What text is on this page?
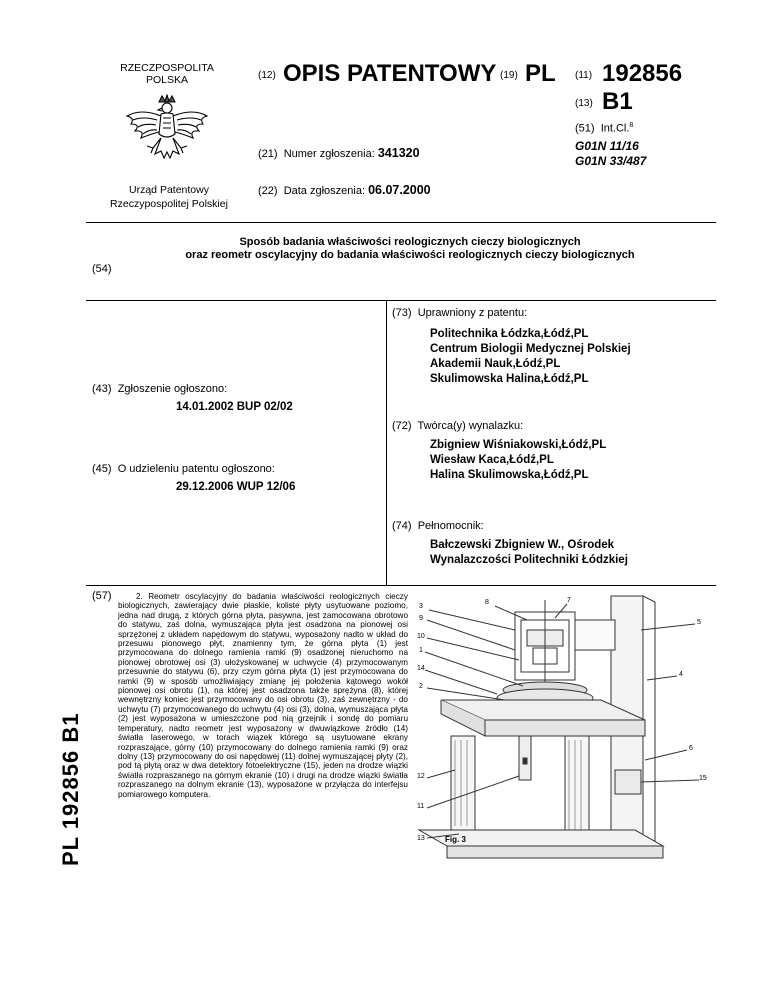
RZECZPOSPOLITA
POLSKA
Urząd Patentowy
Rzeczypospolitej Polskiej
(12) OPIS PATENTOWY (19) PL (11) 192856
(13) B1
(21) Numer zgłoszenia: 341320
(51) Int.Cl.$^8$
G01N 11/16
G01N 33/487
(22) Data zgłoszenia: 06.07.2000
(54)
Sposób badania właściwości reologicznych cieczy biologicznych
oraz reometr oscylacyjny do badania właściwości reologicznych cieczy biologicznych
(43) Zgłoszenie ogłoszono:
14.01.2002 BUP 02/02
(45) O udzieleniu patentu ogłoszono:
29.12.2006 WUP 12/06
(73) Uprawniony z patentu:
Politechnika Łódzka,Łódź,PL
Centrum Biologii Medycznej Polskiej
Akademii Nauk,Łódź,PL
Skulimowska Halina,Łódź,PL
(72) Twórca(y) wynalazku:
Zbigniew Wiśniakowski,Łódź,PL
Wiesław Kaca,Łódź,PL
Halina Skulimowska,Łódź,PL
(74) Pełnomocnik:
Bałczewski Zbigniew W., Ośrodek
Wynalazczości Politechniki Łódzkiej
PL 192856 B1
(57)	2. Reometr oscylacyjny do badania właściwości reologicznych cieczy biologicznych, zawierający dwie płaskie, koliste płyty usytuowane poziomo, jedna nad drugą, z których górna płyta, pasywna, jest zamocowana obrotowo do statywu, zaś dolna, wymuszająca płyta jest osadzona na pionowej osi sprzężonej z układem napędowym do statywu, wyposażony nadto w układ do przesuwu pionowego płyt, znamienny tym, że górna płyta (1) jest przymocowana do dolnego ramienia ramki (9) osadzonej nieruchomo na pionowej obrotowej osi (3) ułożyskowanej w uchwycie (4) przymocowanym przesuwnie do statywu (6), przy czym górna płyta (1) jest przymocowana do ramki (9) w sposób umożliwiający zmianę jej położenia kątowego wokół pionowej osi obrotu (1), na której jest osadzona także sprężyna (8), której wewnętrzny koniec jest przymocowany do osi obrotu (3), zaś zewnętrzny - do uchwytu (7) przymocowanego do uchwytu (4) osi (3), dolna, wymuszająca płyta (2) jest wyposażona w umieszczone pod nią grzejnik i sondę do pomiaru temperatury, nadto reometr jest wyposażony w dwuwiązkowe źródło (14) światła laserowego, w torach wiązek którego są usytuowane ekrany rozpraszające, górny (10) przymocowany do dolnego ramienia ramki (9) oraz dolny (13) przymocowany do osi napędowej (11) dolnej wymuszającej płyty (2), pod tą płytą oraz w dwa detektory fotoelektryczne (15), jeden na drodze wiązki światła rozpraszanego na górnym ekranie (10) i drugi na drodze wiązki światła rozpraszanego na dolnym ekranie (13), wyposażone w przyłącza do interfejsu pomiarowego komputera.
3
8	7
9
10
1
14
2
5
4
6
12
11
13
15
Fig. 3
